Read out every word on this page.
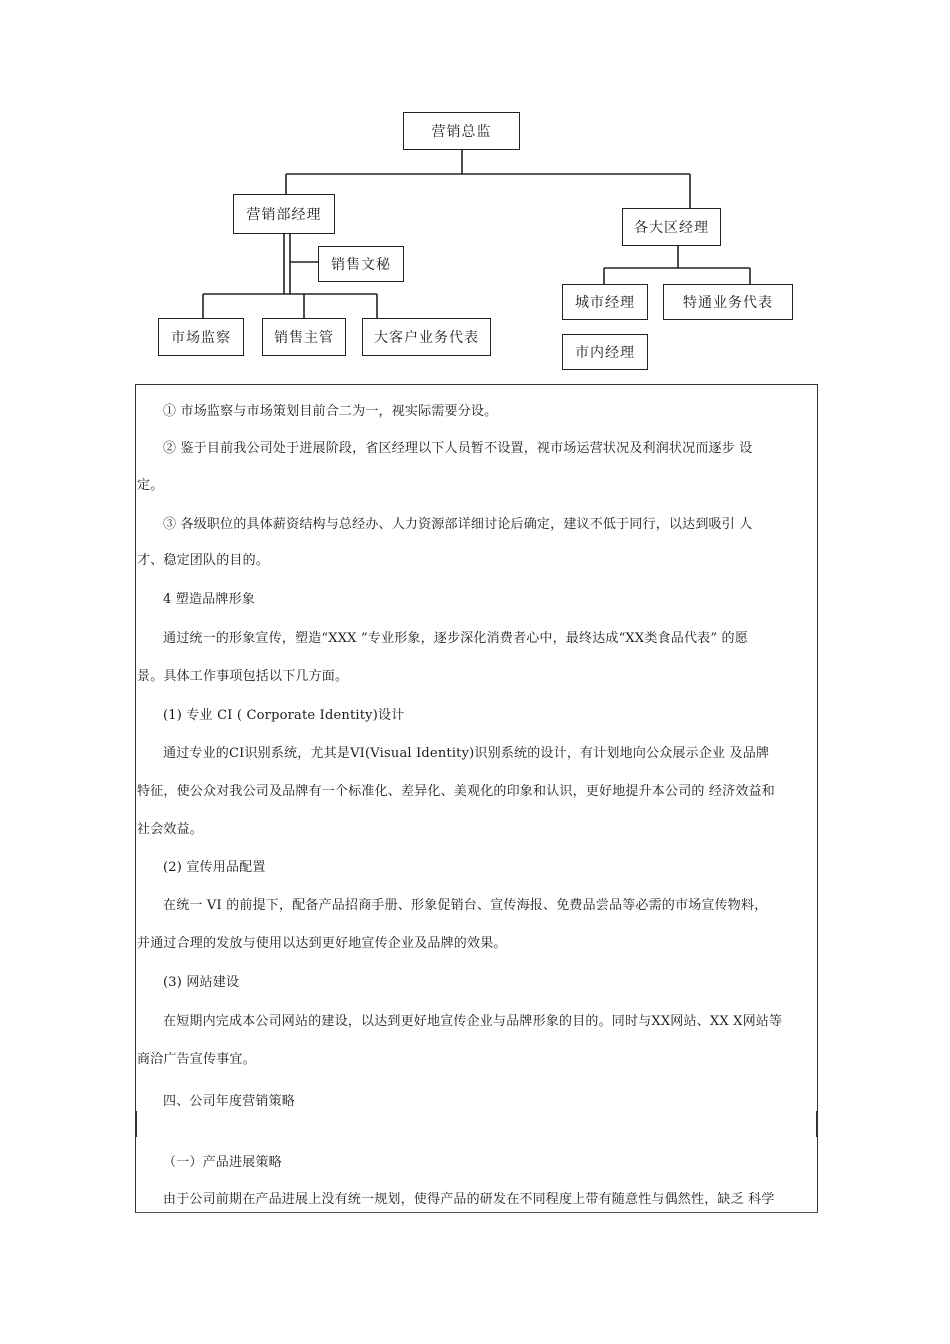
营销总监
营销部经理
销售文秘
各大区经理
市场监察	销售主管	大客户业务代表
城市经理	特通业务代表
市内经理
① 市场监察与市场策划目前合二为一，视实际需要分设。
② 鉴于目前我公司处于进展阶段，省区经理以下人员暂不设置，视市场运营状况及利润状况而逐步 设
定。
③ 各级职位的具体薪资结构与总经办、人力资源部详细讨论后确定，建议不低于同行，以达到吸引 人
才、稳定团队的目的。
4 塑造品牌形象
通过统一的形象宣传，塑造“XXX ”专业形象，逐步深化消费者心中，最终达成“XX类食品代表” 的愿
景。具体工作事项包括以下几方面。
(1) 专业 CI ( Corporate Identity)设计
通过专业的CI识别系统，尤其是VI(Visual Identity)识别系统的设计，有计划地向公众展示企业 及品牌
特征，使公众对我公司及品牌有一个标准化、差异化、美观化的印象和认识，更好地提升本公司的 经济效益和
社会效益。
(2) 宣传用品配置
在统一 VI 的前提下，配备产品招商手册、形象促销台、宣传海报、免费品尝品等必需的市场宣传物料，
并通过合理的发放与使用以达到更好地宣传企业及品牌的效果。
(3) 网站建设
在短期内完成本公司网站的建设，以达到更好地宣传企业与品牌形象的目的。同时与XX网站、XX X网站等
商洽广告宣传事宜。
四、公司年度营销策略
（一）产品进展策略
由于公司前期在产品进展上没有统一规划，使得产品的研发在不同程度上带有随意性与偶然性，缺乏 科学
